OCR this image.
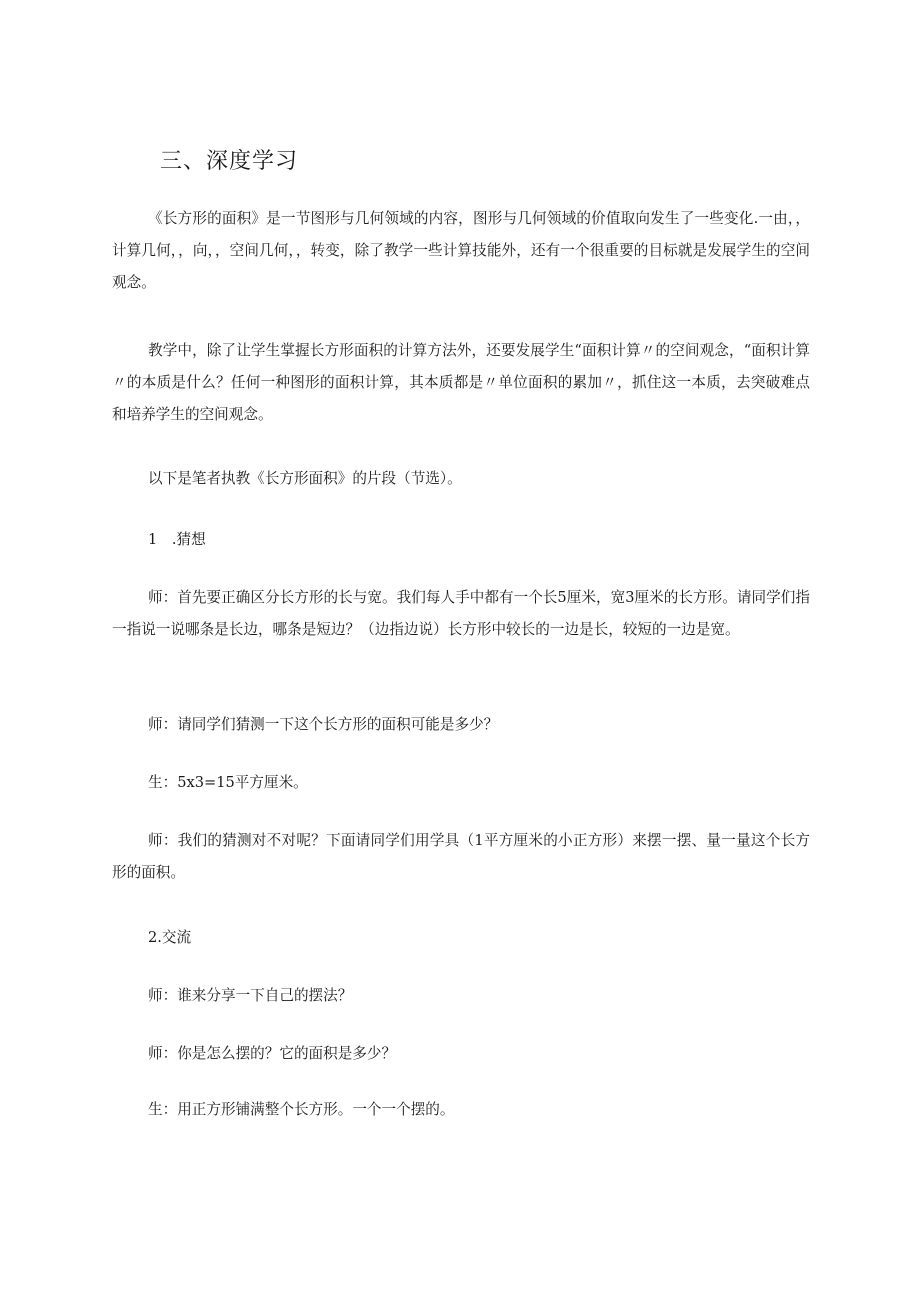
三、深度学习
《长方形的面积》是一节图形与几何领域的内容，图形与几何领域的价值取向发生了一些变化.一由，，计算几何，，向，，空间几何，，转变，除了教学一些计算技能外，还有一个很重要的目标就是发展学生的空间观念。
教学中，除了让学生掌握长方形面积的计算方法外，还要发展学生“面积计算〃的空间观念，“面积计算〃的本质是什么？任何一种图形的面积计算，其本质都是〃单位面积的累加〃，抓住这一本质，去突破难点和培养学生的空间观念。
以下是笔者执教《长方形面积》的片段（节选）。
1　.猜想
师：首先要正确区分长方形的长与宽。我们每人手中都有一个长5厘米，宽3厘米的长方形。请同学们指一指说一说哪条是长边，哪条是短边？（边指边说）长方形中较长的一边是长，较短的一边是宽。
师：请同学们猜测一下这个长方形的面积可能是多少？
生：5x3=15平方厘米。
师：我们的猜测对不对呢？下面请同学们用学具（1平方厘米的小正方形）来摆一摆、量一量这个长方形的面积。
2.交流
师：谁来分享一下自己的摆法？
师：你是怎么摆的？它的面积是多少？
生：用正方形铺满整个长方形。一个一个摆的。
